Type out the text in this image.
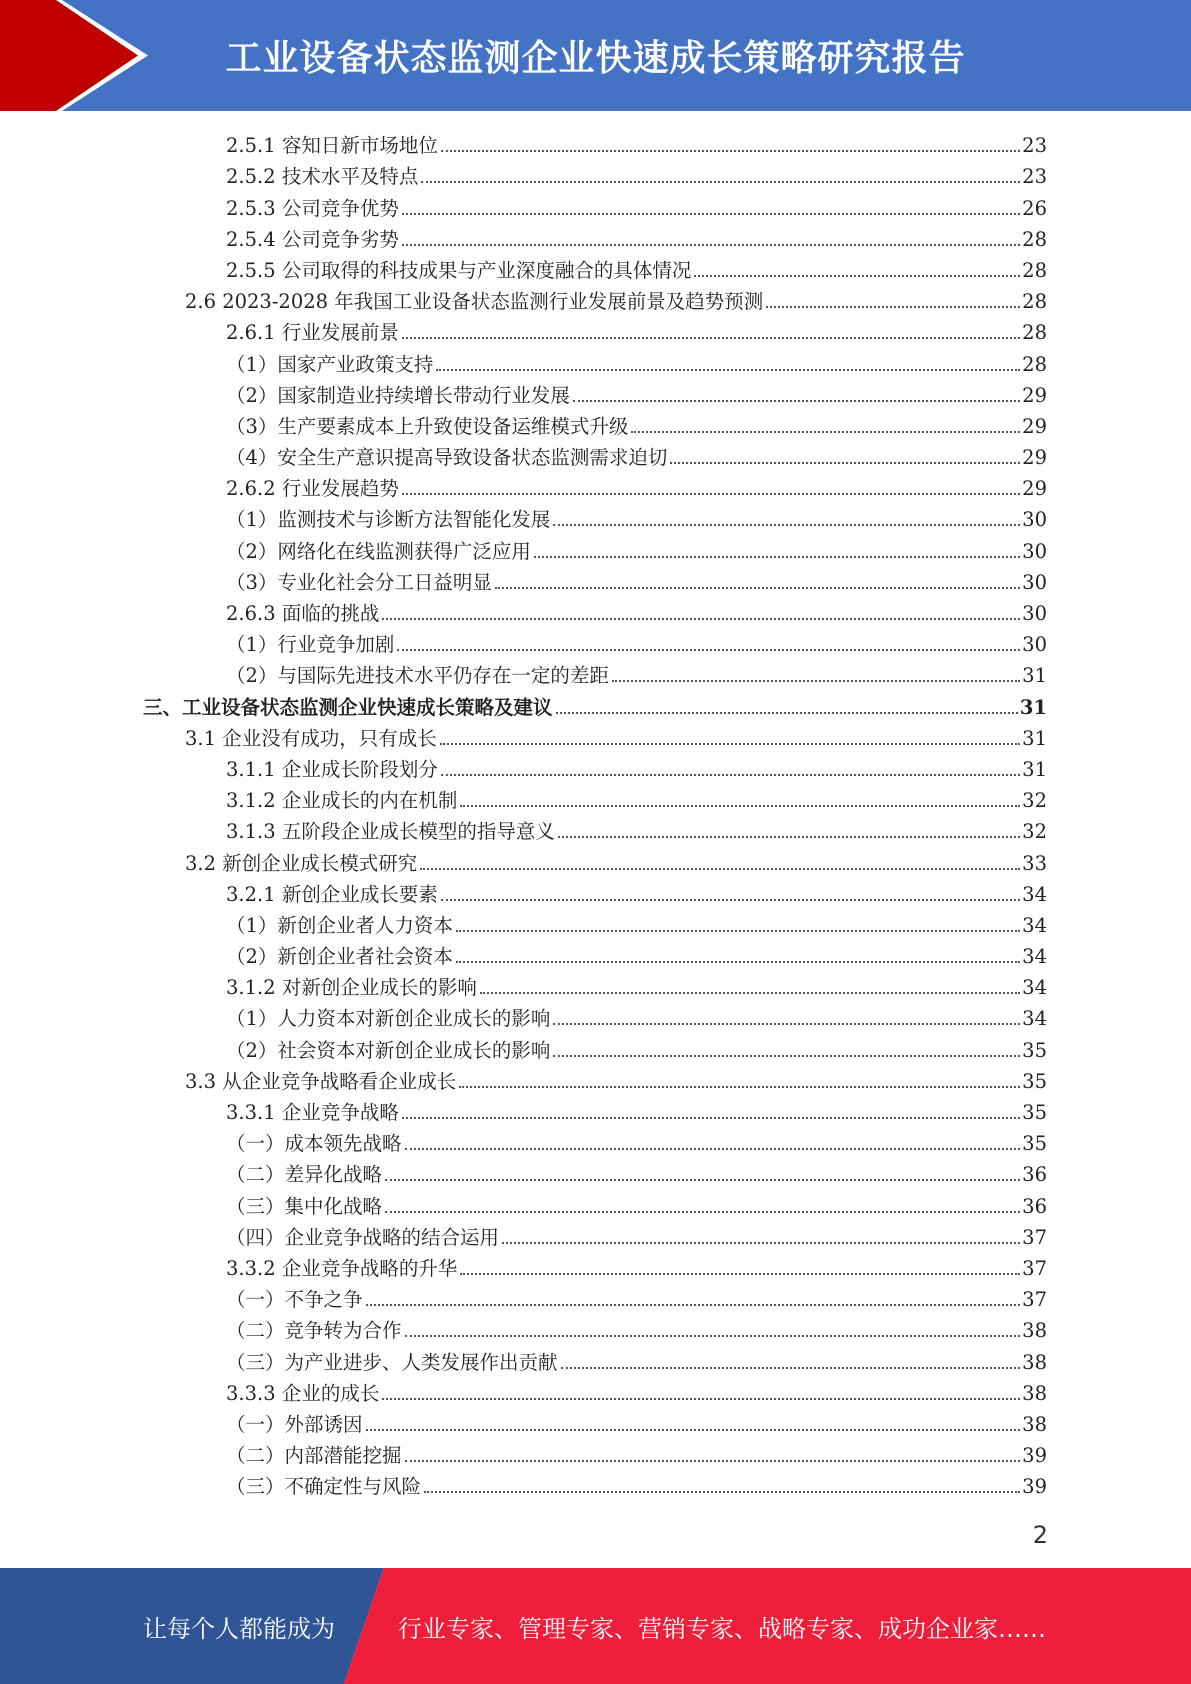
工业设备状态监测企业快速成长策略研究报告
2.5.1 容知日新市场地位	23
2.5.2 技术水平及特点	23
2.5.3 公司竞争优势	26
2.5.4 公司竞争劣势	28
2.5.5 公司取得的科技成果与产业深度融合的具体情况	28
2.6 2023-2028 年我国工业设备状态监测行业发展前景及趋势预测	28
2.6.1 行业发展前景	28
（1）国家产业政策支持	28
（2）国家制造业持续增长带动行业发展	29
（3）生产要素成本上升致使设备运维模式升级	29
（4）安全生产意识提高导致设备状态监测需求迫切	29
2.6.2 行业发展趋势	29
（1）监测技术与诊断方法智能化发展	30
（2）网络化在线监测获得广泛应用	30
（3）专业化社会分工日益明显	30
2.6.3 面临的挑战	30
（1）行业竞争加剧	30
（2）与国际先进技术水平仍存在一定的差距	31
三、工业设备状态监测企业快速成长策略及建议	31
3.1 企业没有成功，只有成长	31
3.1.1 企业成长阶段划分	31
3.1.2 企业成长的内在机制	32
3.1.3 五阶段企业成长模型的指导意义	32
3.2 新创企业成长模式研究	33
3.2.1 新创企业成长要素	34
（1）新创企业者人力资本	34
（2）新创企业者社会资本	34
3.1.2 对新创企业成长的影响	34
（1）人力资本对新创企业成长的影响	34
（2）社会资本对新创企业成长的影响	35
3.3 从企业竞争战略看企业成长	35
3.3.1 企业竞争战略	35
（一）成本领先战略	35
（二）差异化战略	36
（三）集中化战略	36
（四）企业竞争战略的结合运用	37
3.3.2 企业竞争战略的升华	37
（一）不争之争	37
（二）竞争转为合作	38
（三）为产业进步、人类发展作出贡献	38
3.3.3 企业的成长	38
（一）外部诱因	38
（二）内部潜能挖掘	39
（三）不确定性与风险	39
2
让每个人都能成为	行业专家、管理专家、营销专家、战略专家、成功企业家……
